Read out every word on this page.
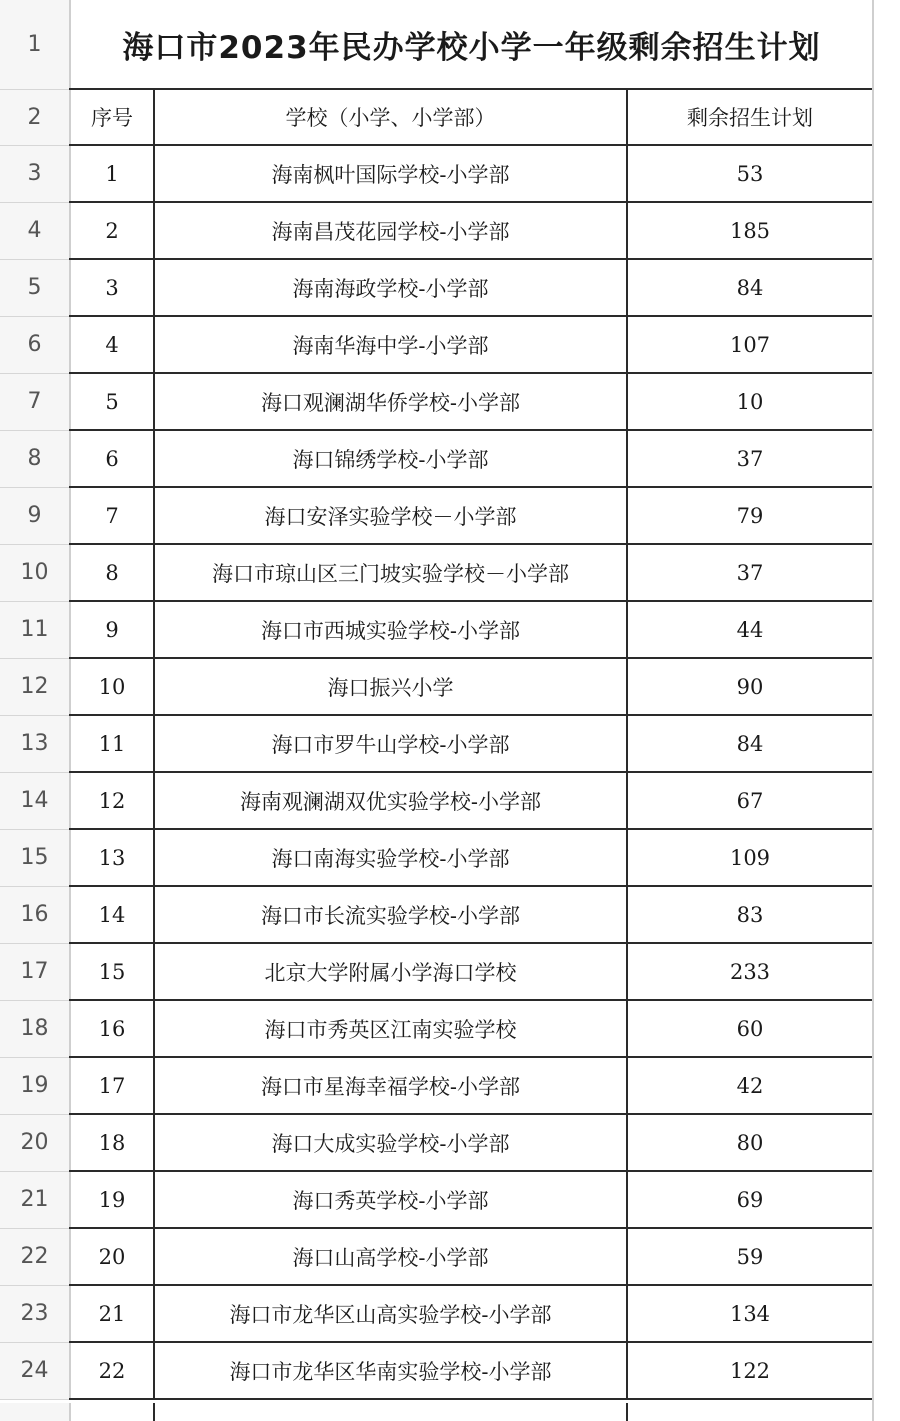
1	海口市2023年民办学校小学一年级剩余招生计划
2	序号	学校（小学、小学部）	剩余招生计划
3	1	海南枫叶国际学校-小学部	53
4	2	海南昌茂花园学校-小学部	185
5	3	海南海政学校-小学部	84
6	4	海南华海中学-小学部	107
7	5	海口观澜湖华侨学校-小学部	10
8	6	海口锦绣学校-小学部	37
9	7	海口安泽实验学校－小学部	79
10	8	海口市琼山区三门坡实验学校－小学部	37
11	9	海口市西城实验学校-小学部	44
12	10	海口振兴小学	90
13	11	海口市罗牛山学校-小学部	84
14	12	海南观澜湖双优实验学校-小学部	67
15	13	海口南海实验学校-小学部	109
16	14	海口市长流实验学校-小学部	83
17	15	北京大学附属小学海口学校	233
18	16	海口市秀英区江南实验学校	60
19	17	海口市星海幸福学校-小学部	42
20	18	海口大成实验学校-小学部	80
21	19	海口秀英学校-小学部	69
22	20	海口山高学校-小学部	59
23	21	海口市龙华区山高实验学校-小学部	134
24	22	海口市龙华区华南实验学校-小学部	122
